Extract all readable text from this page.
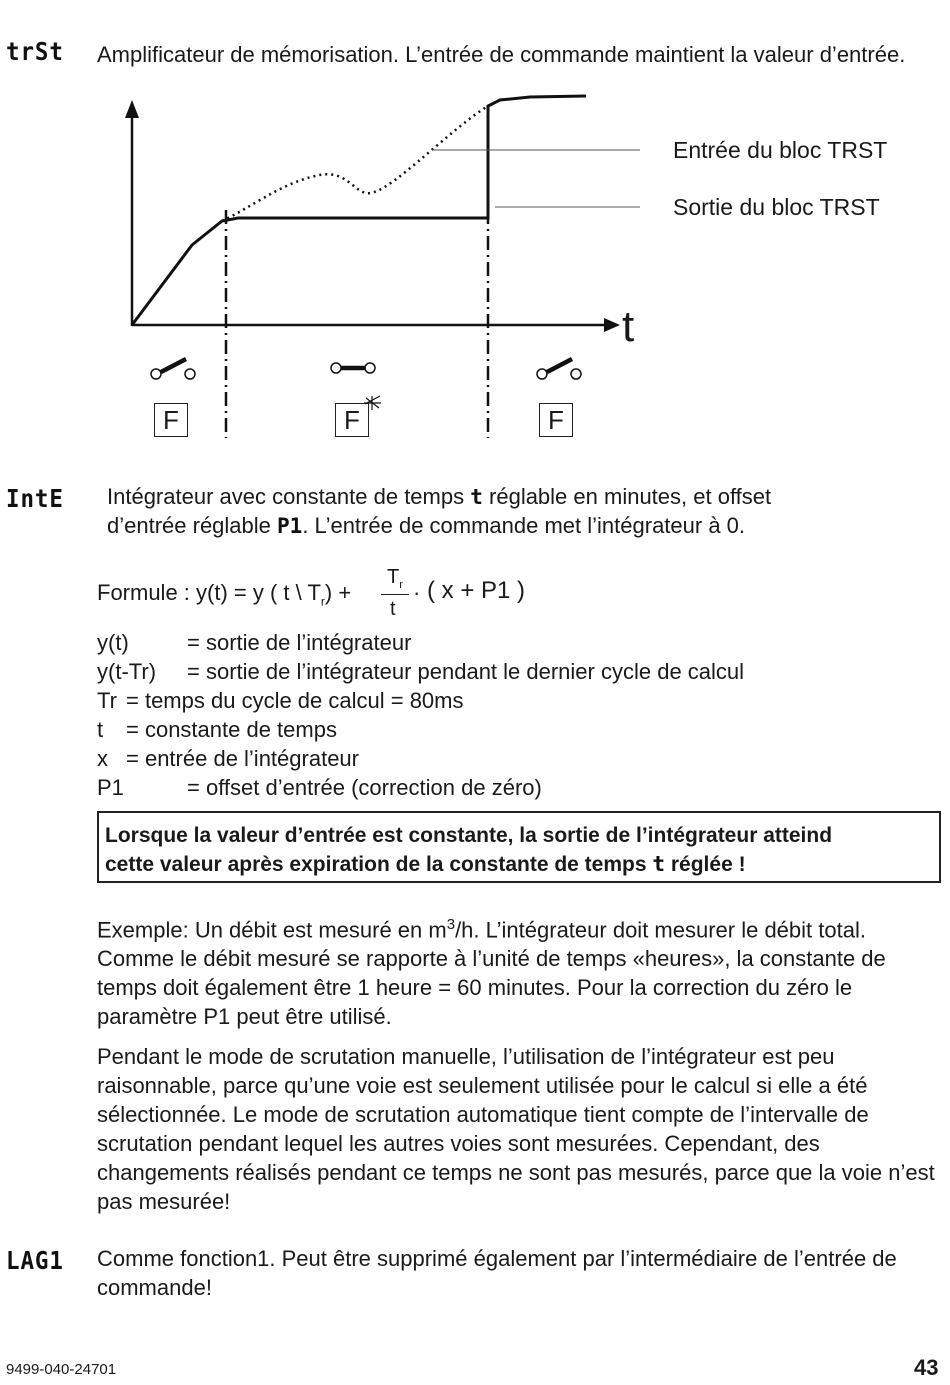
trSt Amplificateur de mémorisation. L’entrée de commande maintient la valeur d’entrée.
Entrée du bloc TRST
Sortie du bloc TRST
t
F	F	F
IntE Intégrateur avec constante de temps t réglable en minutes, et offset
d’entrée réglable P1. L’entrée de commande met l’intégrateur à 0.
Formule : y(t) = y ( t \ $T_r$) +
$T_r$
t
· ( x + P1 )
y(t)	= sortie de l’intégrateur
y(t-Tr) = sortie de l’intégrateur pendant le dernier cycle de calcul
Tr = temps du cycle de calcul = 80ms
t = constante de temps
x = entrée de l’intégrateur
P1	= offset d’entrée (correction de zéro)
Lorsque la valeur d’entrée est constante, la sortie de l’intégrateur atteind
cette valeur après expiration de la constante de temps t réglée !
Exemple: Un débit est mesuré en $m^3/h$. L’intégrateur doit mesurer le débit total. Comme le débit mesuré se rapporte à l’unité de temps «heures», la constante de temps doit également être 1 heure = 60 minutes. Pour la correction du zéro le paramètre P1 peut être utilisé.
Pendant le mode de scrutation manuelle, l’utilisation de l’intégrateur est peu raisonnable, parce qu’une voie est seulement utilisée pour le calcul si elle a été sélectionnée. Le mode de scrutation automatique tient compte de l’intervalle de scrutation pendant lequel les autres voies sont mesurées. Cependant, des changements réalisés pendant ce temps ne sont pas mesurés, parce que la voie n’est pas mesurée!
LAG1 Comme fonction1. Peut être supprimé également par l’intermédiaire de l’entrée de commande!
9499-040-24701	43
